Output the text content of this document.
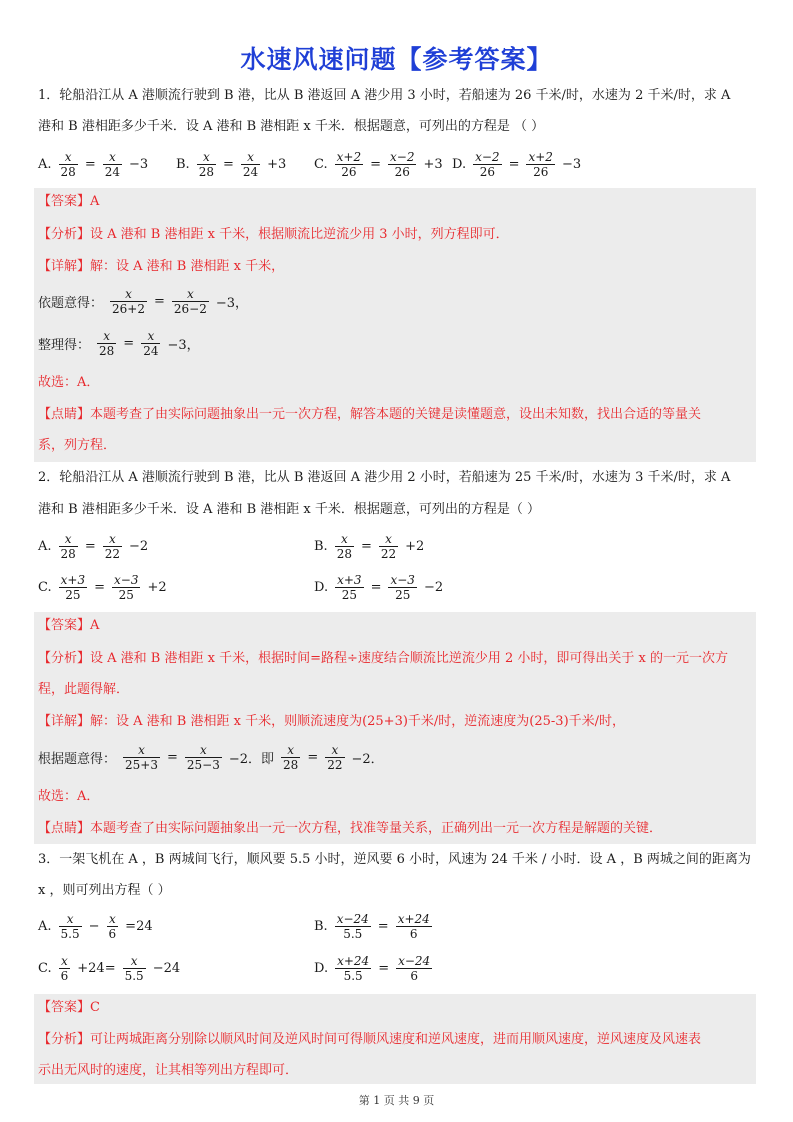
水速风速问题【参考答案】
1．轮船沿江从 A 港顺流行驶到 B 港，比从 B 港返回 A 港少用 3 小时，若船速为 26 千米/时，水速为 2 千米/时，求 A
港和 B 港相距多少千米．设 A 港和 B 港相距 x 千米．根据题意，可列出的方程是 （ ）
A. $\frac{x}{28} = \frac{x}{24} -3$ B. $\frac{x}{28} = \frac{x}{24} +3$ C. $\frac{x+2}{26} = \frac{x-2}{26} +3$ D. $\frac{x-2}{26} = \frac{x+2}{26} -3$
【答案】A
【分析】设 A 港和 B 港相距 x 千米，根据顺流比逆流少用 3 小时，列方程即可．
【详解】解：设 A 港和 B 港相距 x 千米，
依题意得： $\frac{x}{26+2} = \frac{x}{26-2} -3$，
整理得： $\frac{x}{28} = \frac{x}{24} -3$，
故选：A．
【点睛】本题考查了由实际问题抽象出一元一次方程，解答本题的关键是读懂题意，设出未知数，找出合适的等量关
系，列方程．
2．轮船沿江从 A 港顺流行驶到 B 港，比从 B 港返回 A 港少用 2 小时，若船速为 25 千米/时，水速为 3 千米/时，求 A
港和 B 港相距多少千米．设 A 港和 B 港相距 x 千米．根据题意，可列出的方程是（ ）
A. $\frac{x}{28} = \frac{x}{22} -2$	B. $\frac{x}{28} = \frac{x}{22} +2$
C. $\frac{x+3}{25} = \frac{x-3}{25} +2$	D. $\frac{x+3}{25} = \frac{x-3}{25} -2$
【答案】A
【分析】设 A 港和 B 港相距 x 千米，根据时间=路程÷速度结合顺流比逆流少用 2 小时，即可得出关于 x 的一元一次方
程，此题得解．
【详解】解：设 A 港和 B 港相距 x 千米，则顺流速度为(25+3)千米/时，逆流速度为(25-3)千米/时，
根据题意得： $\frac{x}{25+3} = \frac{x}{25-3} -2$．即 $\frac{x}{28} = \frac{x}{22} -2$．
故选：A．
【点睛】本题考查了由实际问题抽象出一元一次方程，找准等量关系，正确列出一元一次方程是解题的关键．
3．一架飞机在 A ，B 两城间飞行，顺风要 5.5 小时，逆风要 6 小时，风速为 24 千米 / 小时．设 A ，B 两城之间的距离为
x ，则可列出方程（ ）
A. $\frac{x}{5.5} - \frac{x}{6} =24$	B. $\frac{x-24}{5.5} = \frac{x+24}{6}$
C. $\frac{x}{6} +24= \frac{x}{5.5} -24$	D. $\frac{x+24}{5.5} = \frac{x-24}{6}$
【答案】C
【分析】可让两城距离分别除以顺风时间及逆风时间可得顺风速度和逆风速度，进而用顺风速度，逆风速度及风速表
示出无风时的速度，让其相等列出方程即可．
第 1 页 共 9 页
